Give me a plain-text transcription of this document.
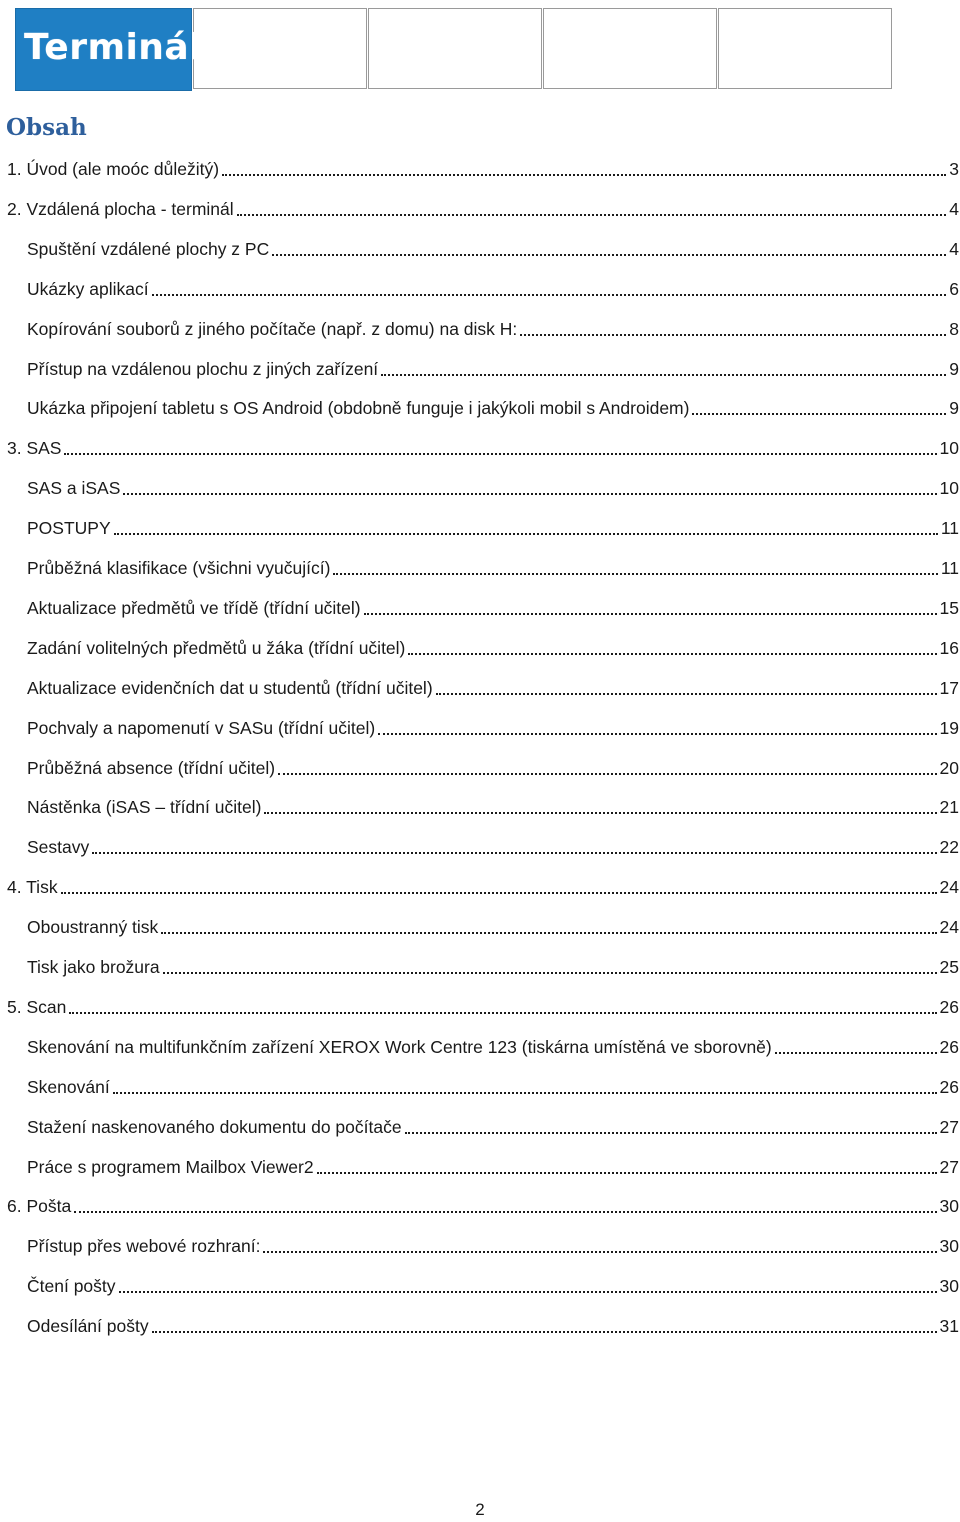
Terminál
Obsah
1. Úvod (ale moóc důležitý)	3
2. Vzdálená plocha - terminál	4
Spuštění vzdálené plochy z PC	4
Ukázky aplikací	6
Kopírování souborů z jiného počítače (např. z domu) na disk H:	8
Přístup na vzdálenou plochu z jiných zařízení	9
Ukázka připojení tabletu s OS Android (obdobně funguje i jakýkoli mobil s Androidem)	9
3. SAS	10
SAS a iSAS	10
POSTUPY	11
Průběžná klasifikace (všichni vyučující)	11
Aktualizace předmětů ve třídě (třídní učitel)	15
Zadání volitelných předmětů u žáka (třídní učitel)	16
Aktualizace evidenčních dat u studentů (třídní učitel)	17
Pochvaly a napomenutí v SASu (třídní učitel)	19
Průběžná absence (třídní učitel)	20
Nástěnka (iSAS – třídní učitel)	21
Sestavy	22
4. Tisk	24
Oboustranný tisk	24
Tisk jako brožura	25
5. Scan	26
Skenování na multifunkčním zařízení XEROX Work Centre 123 (tiskárna umístěná ve sborovně)	26
Skenování	26
Stažení naskenovaného dokumentu do počítače	27
Práce s programem Mailbox Viewer2	27
6. Pošta	30
Přístup přes webové rozhraní:	30
Čtení pošty	30
Odesílání pošty	31
2
